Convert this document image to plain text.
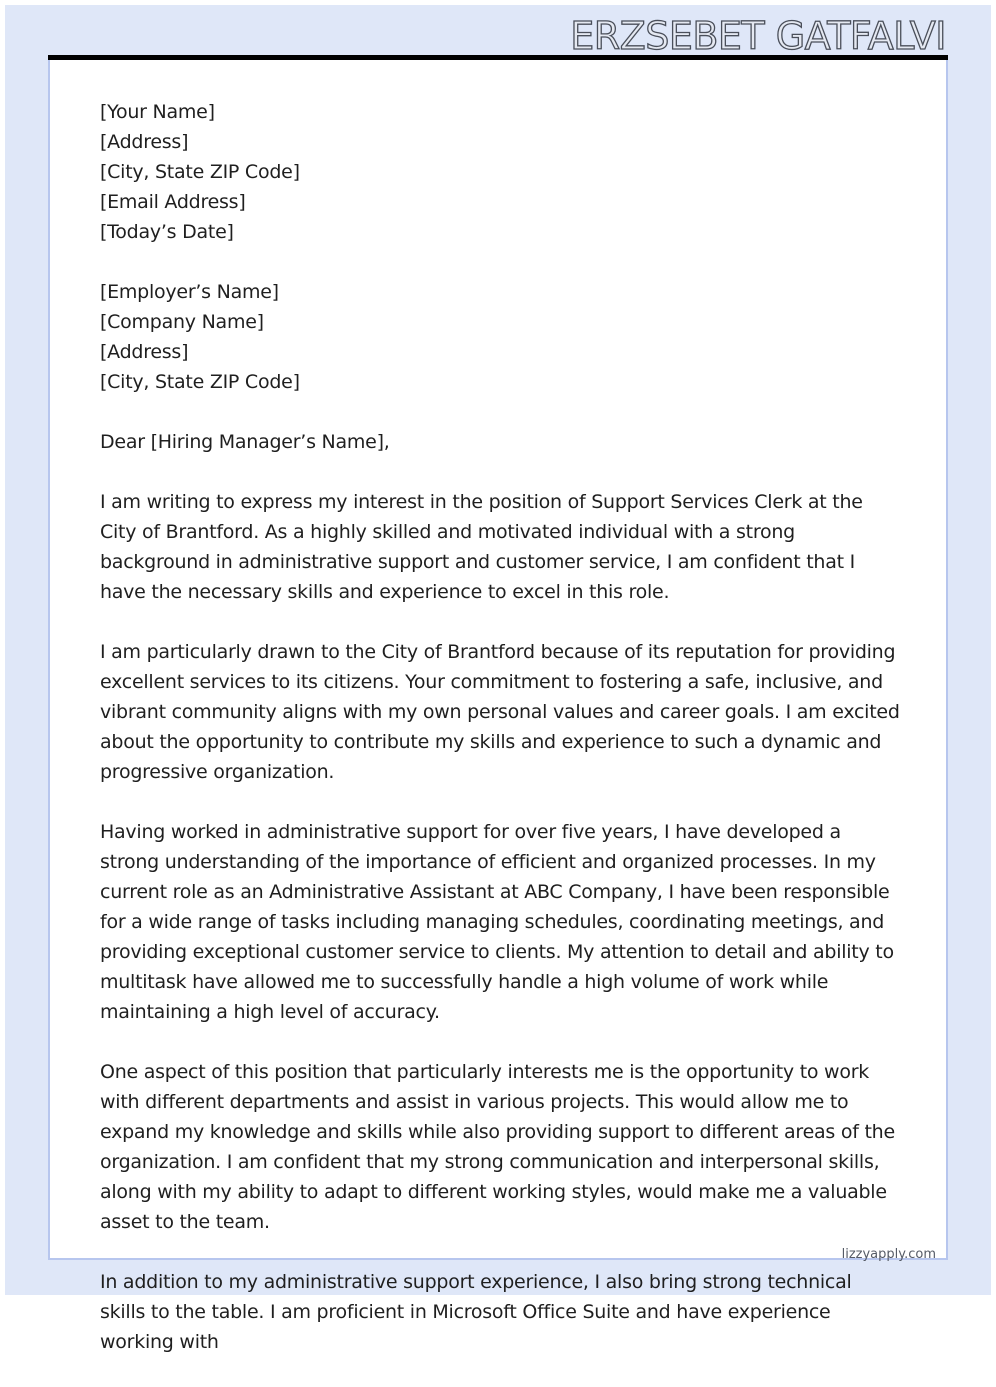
ERZSEBET GATFALVI

[Your Name]
[Address]
[City, State ZIP Code]
[Email Address]
[Today’s Date]

[Employer’s Name]
[Company Name]
[Address]
[City, State ZIP Code]

Dear [Hiring Manager’s Name],

I am writing to express my interest in the position of Support Services Clerk at the City of Brantford. As a highly skilled and motivated individual with a strong background in administrative support and customer service, I am confident that I have the necessary skills and experience to excel in this role.

I am particularly drawn to the City of Brantford because of its reputation for providing excellent services to its citizens. Your commitment to fostering a safe, inclusive, and vibrant community aligns with my own personal values and career goals. I am excited about the opportunity to contribute my skills and experience to such a dynamic and progressive organization.

Having worked in administrative support for over five years, I have developed a strong understanding of the importance of efficient and organized processes. In my current role as an Administrative Assistant at ABC Company, I have been responsible for a wide range of tasks including managing schedules, coordinating meetings, and providing exceptional customer service to clients. My attention to detail and ability to multitask have allowed me to successfully handle a high volume of work while maintaining a high level of accuracy.

One aspect of this position that particularly interests me is the opportunity to work with different departments and assist in various projects. This would allow me to expand my knowledge and skills while also providing support to different areas of the organization. I am confident that my strong communication and interpersonal skills, along with my ability to adapt to different working styles, would make me a valuable asset to the team.

In addition to my administrative support experience, I also bring strong technical skills to the table. I am proficient in Microsoft Office Suite and have experience working with

lizzyapply.com
